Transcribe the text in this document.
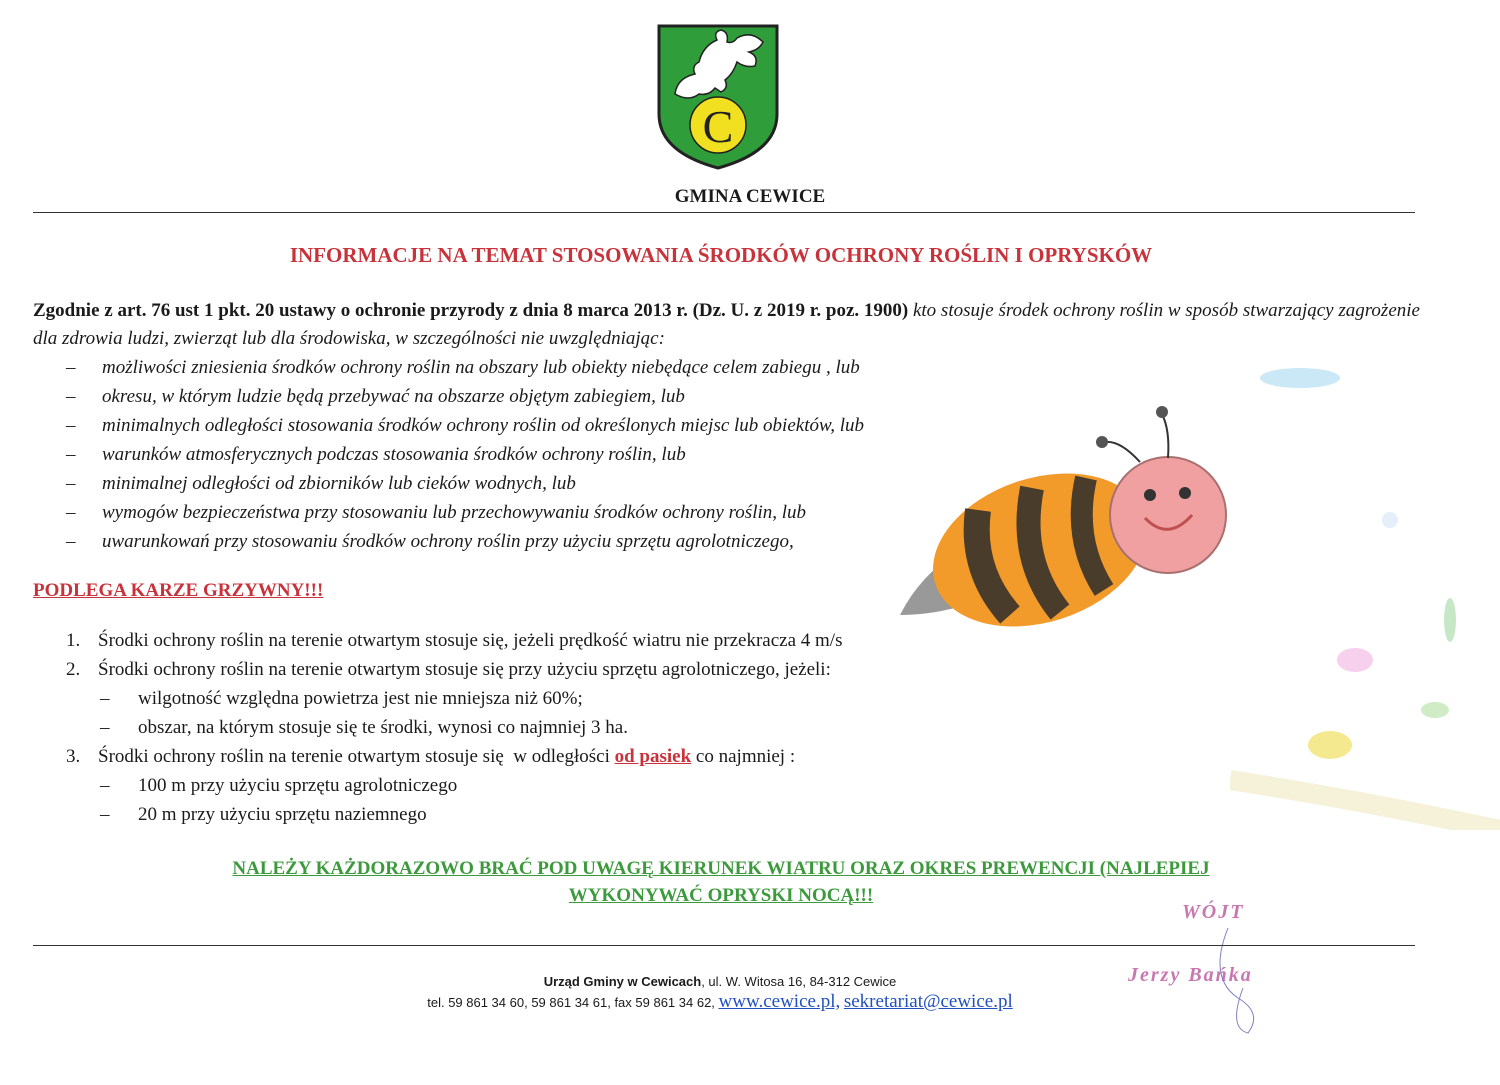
C
GMINA CEWICE
INFORMACJE NA TEMAT STOSOWANIA ŚRODKÓW OCHRONY ROŚLIN I OPRYSKÓW
Zgodnie z art. 76 ust 1 pkt. 20 ustawy o ochronie przyrody z dnia 8 marca 2013 r. (Dz. U. z 2019 r. poz. 1900) kto stosuje środek ochrony roślin w sposób stwarzający zagrożenie dla zdrowia ludzi, zwierząt lub dla środowiska, w szczególności nie uwzględniając:
–	możliwości zniesienia środków ochrony roślin na obszary lub obiekty niebędące celem zabiegu , lub
–	okresu, w którym ludzie będą przebywać na obszarze objętym zabiegiem, lub
–	minimalnych odległości stosowania środków ochrony roślin od określonych miejsc lub obiektów, lub
–	warunków atmosferycznych podczas stosowania środków ochrony roślin, lub
–	minimalnej odległości od zbiorników lub cieków wodnych, lub
–	wymogów bezpieczeństwa przy stosowaniu lub przechowywaniu środków ochrony roślin, lub
–	uwarunkowań przy stosowaniu środków ochrony roślin przy użyciu sprzętu agrolotniczego,
PODLEGA KARZE GRZYWNY!!!
1. Środki ochrony roślin na terenie otwartym stosuje się, jeżeli prędkość wiatru nie przekracza 4 m/s
2. Środki ochrony roślin na terenie otwartym stosuje się przy użyciu sprzętu agrolotniczego, jeżeli:
–	wilgotność względna powietrza jest nie mniejsza niż 60%;
–	obszar, na którym stosuje się te środki, wynosi co najmniej 3 ha.
3. Środki ochrony roślin na terenie otwartym stosuje się  w odległości od pasiek co najmniej :
–	100 m przy użyciu sprzętu agrolotniczego
–	20 m przy użyciu sprzętu naziemnego
NALEŻY KAŻDORAZOWO BRAĆ POD UWAGĘ KIERUNEK WIATRU ORAZ OKRES PREWENCJI (NAJLEPIEJ
WYKONYWAĆ OPRYSKI NOCĄ!!!
WÓJT
Jerzy Bańka
Urząd Gminy w Cewicach, ul. W. Witosa 16, 84-312 Cewice
tel. 59 861 34 60, 59 861 34 61, fax 59 861 34 62, www.cewice.pl, sekretariat@cewice.pl
